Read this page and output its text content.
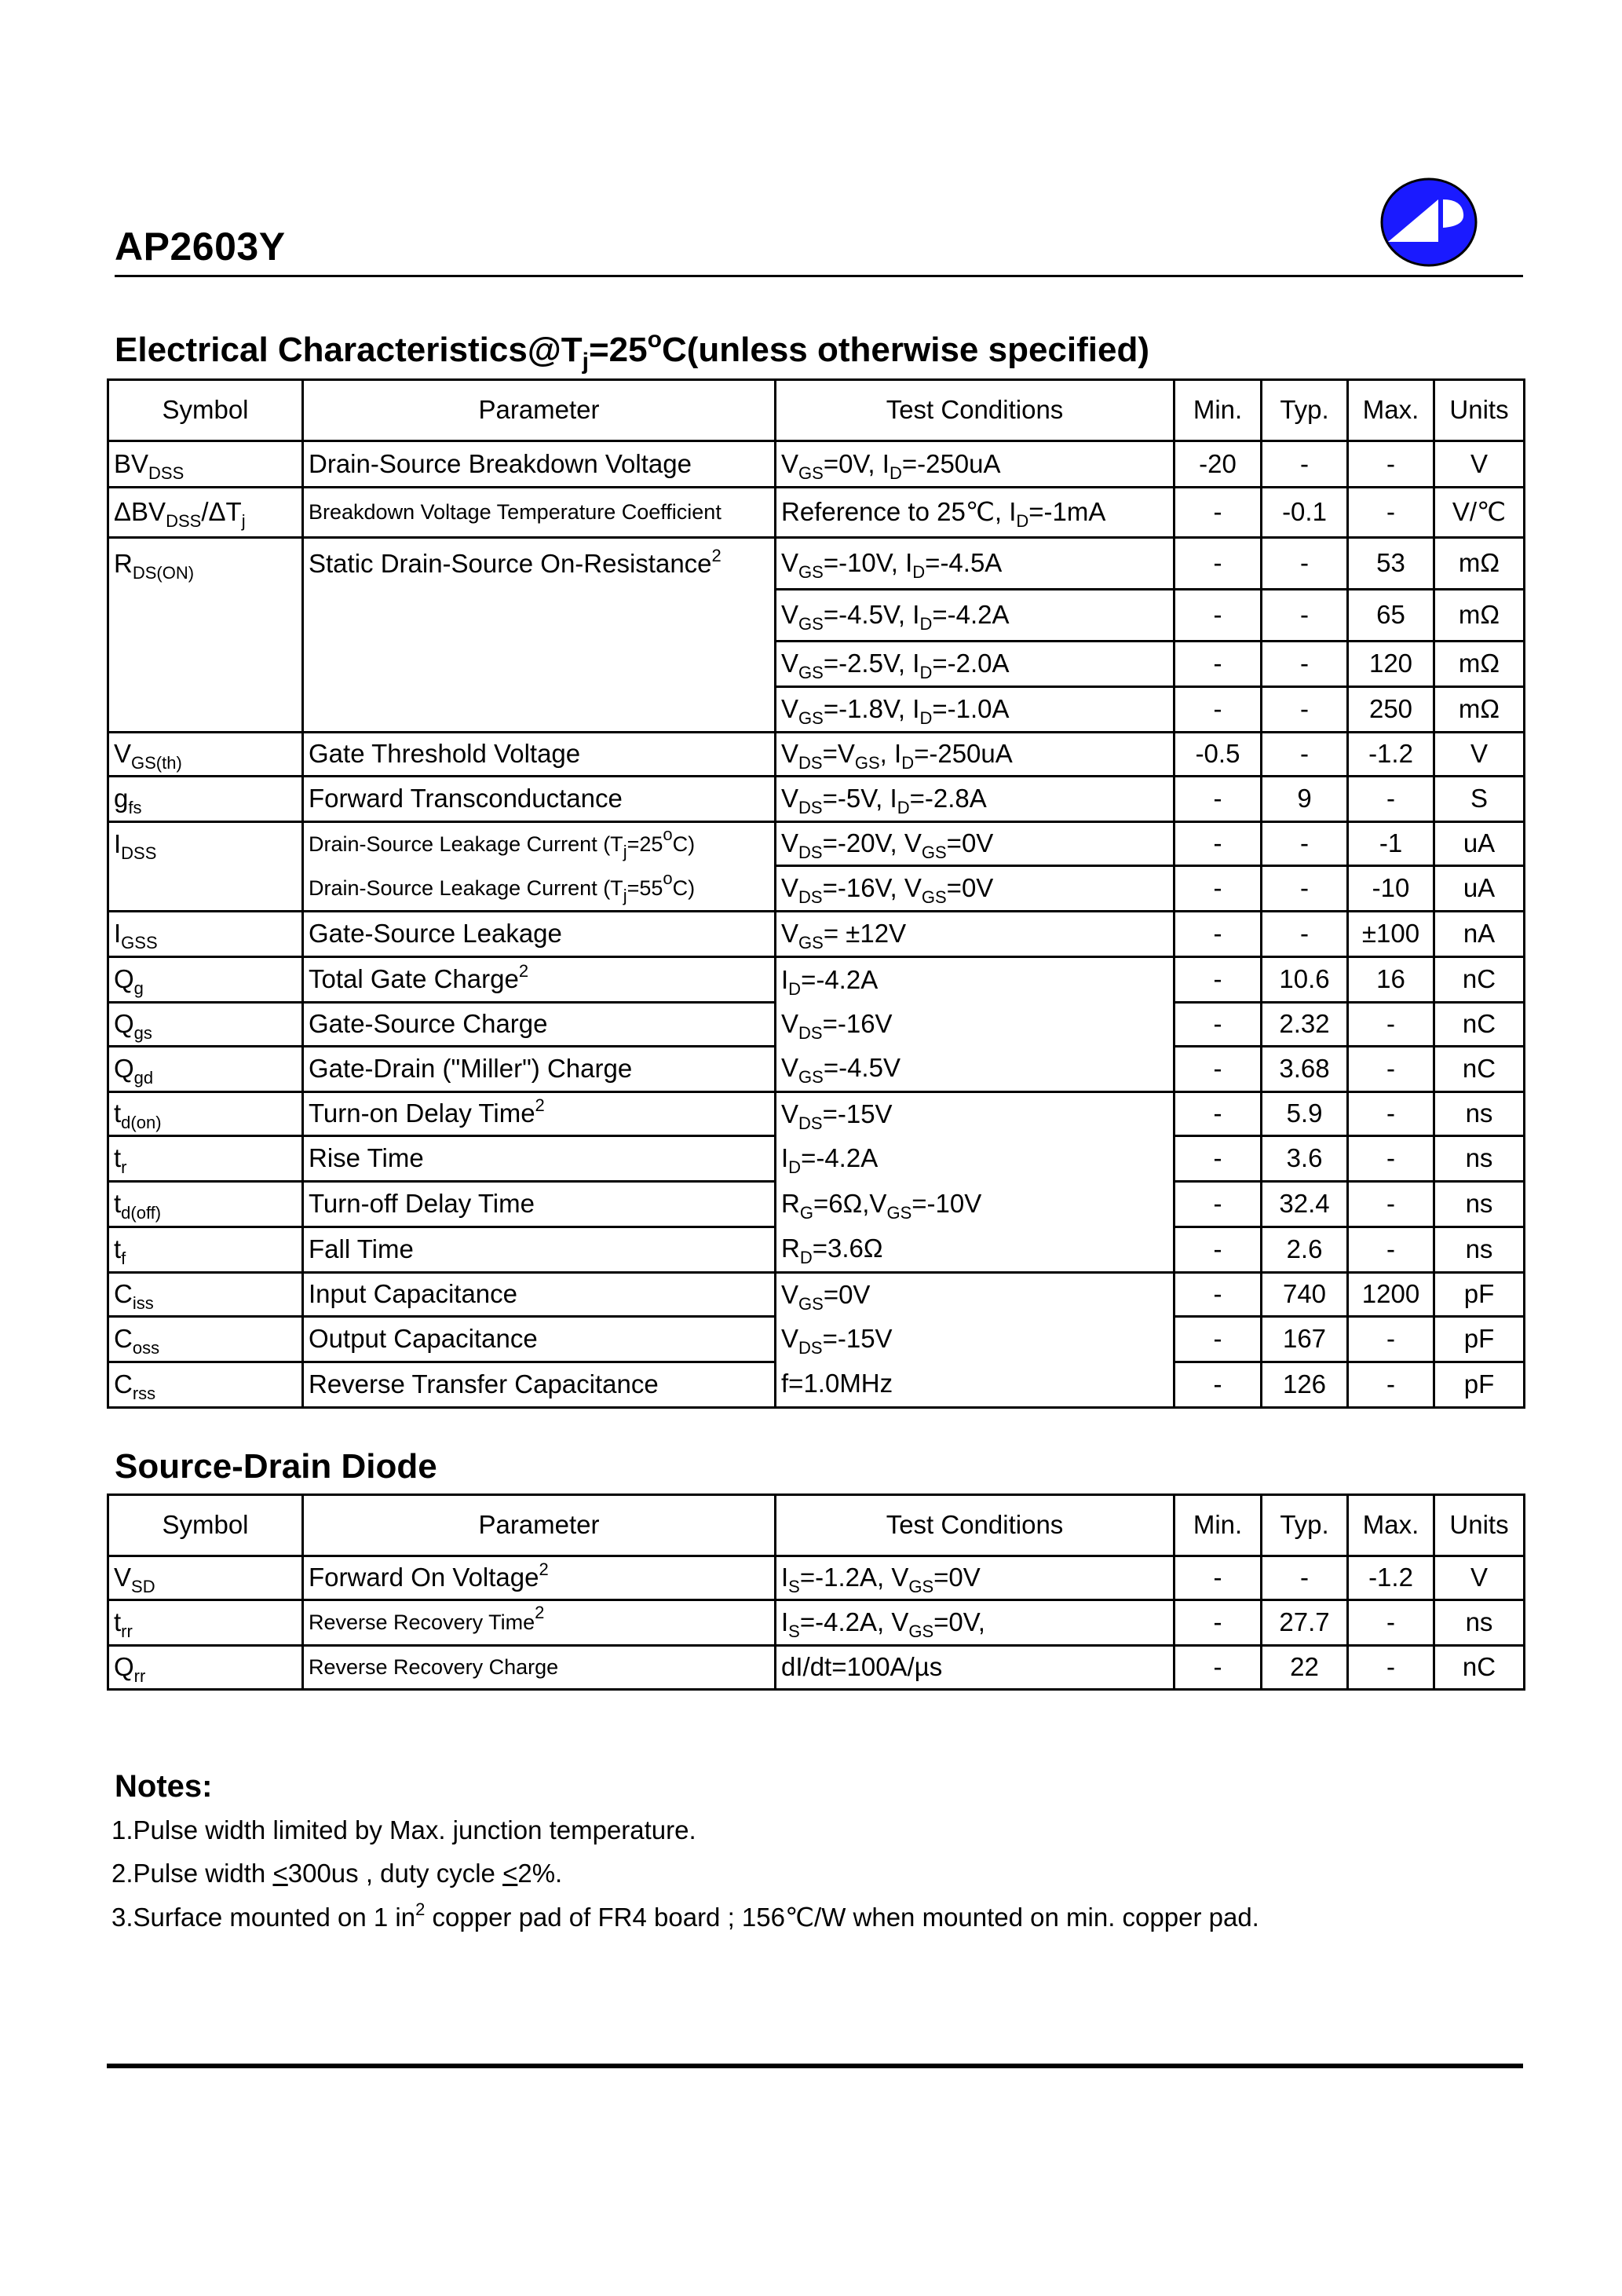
AP2603Y
Electrical $Characteristics@T_j=25^oC(unless$ otherwise specified)
Symbol	Parameter	Test Conditions	Min.	Typ.	Max.	Units
$BV_{DSS}$	Drain-Source Breakdown Voltage	$V_{GS}=0V$, $I_D=-250uA$	-20	-	-	V
$\Delta BV_{DSS}/\Delta T_j$	Breakdown Voltage Temperature Coefficient	Reference to 25℃, $I_D=-1mA$	-	-0.1	-	V/℃
$R_{DS(ON)}$	Static Drain-Source On-Resistance$^2$	$V_{GS}=-10V$, $I_D=-4.5A$	-	-	53	mΩ
		$V_{GS}=-4.5V$, $I_D=-4.2A$	-	-	65	mΩ
		$V_{GS}=-2.5V$, $I_D=-2.0A$	-	-	120	mΩ
		$V_{GS}=-1.8V$, $I_D=-1.0A$	-	-	250	mΩ
$V_{GS(th)}$	Gate Threshold Voltage	$V_{DS}=V_{GS}$, $I_D=-250uA$	-0.5	-	-1.2	V
$g_{fs}$	Forward Transconductance	$V_{DS}=-5V$, $I_D=-2.8A$	-	9	-	S
$I_{DSS}$	Drain-Source Leakage Current $(T_j=25^oC)$	$V_{DS}=-20V$, $V_{GS}=0V$	-	-	-1	uA
	Drain-Source Leakage Current $(T_j=55^oC)$	$V_{DS}=-16V$, $V_{GS}=0V$	-	-	-10	uA
$I_{GSS}$	Gate-Source Leakage	$V_{GS}= \pm 12V$	-	-	±100	nA
$Q_g$	Total Gate Charge$^2$	$I_D=-4.2A$	-	10.6	16	nC
$Q_{gs}$	Gate-Source Charge	$V_{DS}=-16V$	-	2.32	-	nC
$Q_{gd}$	Gate-Drain ("Miller") Charge	$V_{GS}=-4.5V$	-	3.68	-	nC
$t_{d(on)}$	Turn-on Delay Time$^2$	$V_{DS}=-15V$	-	5.9	-	ns
$t_r$	Rise Time	$I_D=-4.2A$	-	3.6	-	ns
$t_{d(off)}$	Turn-off Delay Time	$R_G=6\Omega,V_{GS}=-10V$	-	32.4	-	ns
$t_f$	Fall Time	$R_D=3.6\Omega$	-	2.6	-	ns
$C_{iss}$	Input Capacitance	$V_{GS}=0V$	-	740	1200	pF
$C_{oss}$	Output Capacitance	$V_{DS}=-15V$	-	167	-	pF
$C_{rss}$	Reverse Transfer Capacitance	f=1.0MHz	-	126	-	pF
Source-Drain Diode
Symbol	Parameter	Test Conditions	Min.	Typ.	Max.	Units
$V_{SD}$	Forward On Voltage$^2$	$I_S=-1.2A$, $V_{GS}=0V$	-	-	-1.2	V
$t_{rr}$	Reverse Recovery Time$^2$	$I_S=-4.2A$, $V_{GS}=0V$,	-	27.7	-	ns
$Q_{rr}$	Reverse Recovery Charge	dI/dt=100A/µs	-	22	-	nC
Notes:
1.Pulse width limited by Max. junction temperature.
2.Pulse width <300us , duty cycle <2%.
3.Surface mounted on 1 $in^2$ copper pad of FR4 board ; 156℃/W when mounted on min. copper pad.
